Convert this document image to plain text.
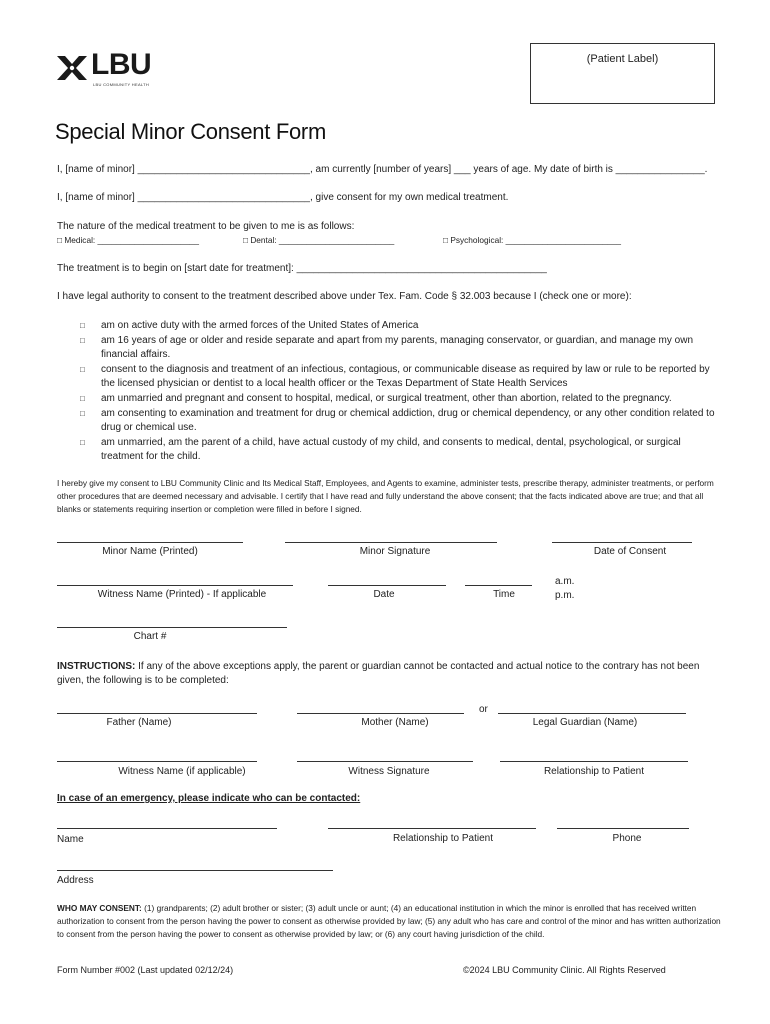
LBU
LBU COMMUNITY HEALTH
(Patient Label)
Special Minor Consent Form
I, [name of minor] _______________________________, am currently [number of years] ___ years of age. My date of birth is ________________.
I, [name of minor] _______________________________, give consent for my own medical treatment.
The nature of the medical treatment to be given to me is as follows:
□ Medical: ______________________	□ Dental: _________________________	□ Psychological: _________________________
The treatment is to begin on [start date for treatment]: _____________________________________________
I have legal authority to consent to the treatment described above under Tex. Fam. Code § 32.003 because I (check one or more):
□	am on active duty with the armed forces of the United States of America
□	am 16 years of age or older and reside separate and apart from my parents, managing conservator, or guardian, and manage my own financial affairs.
□	consent to the diagnosis and treatment of an infectious, contagious, or communicable disease as required by law or rule to be reported by the licensed physician or dentist to a local health officer or the Texas Department of State Health Services
□	am unmarried and pregnant and consent to hospital, medical, or surgical treatment, other than abortion, related to the pregnancy.
□	am consenting to examination and treatment for drug or chemical addiction, drug or chemical dependency, or any other condition related to drug or chemical use.
□	am unmarried, am the parent of a child, have actual custody of my child, and consents to medical, dental, psychological, or surgical treatment for the child.
I hereby give my consent to LBU Community Clinic and Its Medical Staff, Employees, and Agents to examine, administer tests, prescribe therapy, administer treatments, or perform other procedures that are deemed necessary and advisable. I certify that I have read and fully understand the above consent; that the facts indicated above are true; and that all blanks or statements requiring insertion or completion were filled in before I signed.
Minor Name (Printed)	Minor Signature	Date of Consent
a.m.
p.m.
Witness Name (Printed) - If applicable	Date	Time
Chart #
INSTRUCTIONS: If any of the above exceptions apply, the parent or guardian cannot be contacted and actual notice to the contrary has not been given, the following is to be completed:
or
Father (Name)	Mother (Name)	Legal Guardian (Name)
Witness Name (if applicable)	Witness Signature	Relationship to Patient
In case of an emergency, please indicate who can be contacted:
Name	Relationship to Patient	Phone
Address
WHO MAY CONSENT: (1) grandparents; (2) adult brother or sister; (3) adult uncle or aunt; (4) an educational institution in which the minor is enrolled that has received written authorization to consent from the person having the power to consent as otherwise provided by law; (5) any adult who has care and control of the minor and has written authorization to consent from the person having the power to consent as otherwise provided by law; or (6) any court having jurisdiction of the child.
Form Number #002 (Last updated 02/12/24)	©2024 LBU Community Clinic. All Rights Reserved
